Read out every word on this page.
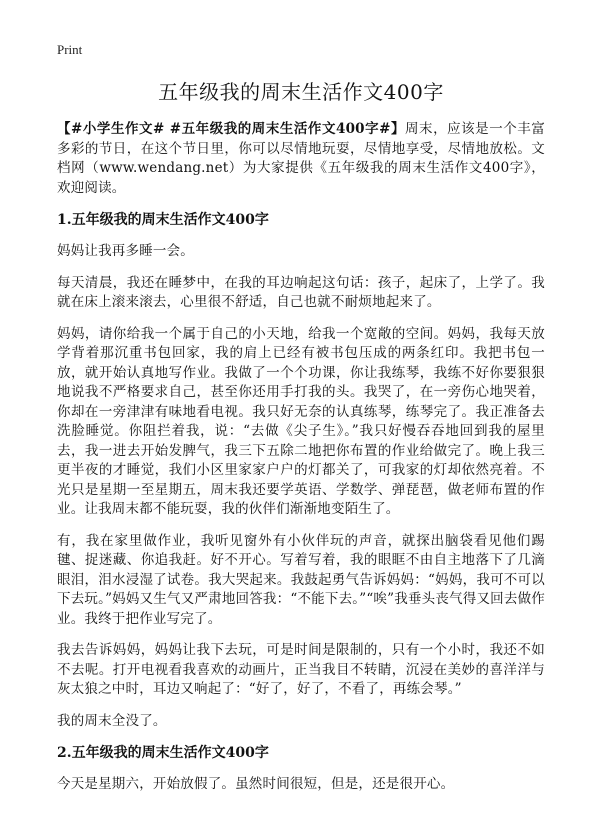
Print
五年级我的周末生活作文400字

【#小学生作文# #五年级我的周末生活作文400字#】周末，应该是一个丰富多彩的节日，在这个节日里，你可以尽情地玩耍，尽情地享受，尽情地放松。文档网（www.wendang.net）为大家提供《五年级我的周末生活作文400字》，欢迎阅读。

1.五年级我的周末生活作文400字

妈妈让我再多睡一会。

每天清晨，我还在睡梦中，在我的耳边响起这句话：孩子，起床了，上学了。我就在床上滚来滚去，心里很不舒适，自己也就不耐烦地起来了。

妈妈，请你给我一个属于自己的小天地，给我一个宽敞的空间。妈妈，我每天放学背着那沉重书包回家，我的肩上已经有被书包压成的两条红印。我把书包一放，就开始认真地写作业。我做了一个个功课，你让我练琴，我练不好你要狠狠地说我不严格要求自己，甚至你还用手打我的头。我哭了，在一旁伤心地哭着，你却在一旁津津有味地看电视。我只好无奈的认真练琴，练琴完了。我正准备去洗脸睡觉。你阻拦着我，说：“去做《尖子生》。”我只好慢吞吞地回到我的屋里去，我一进去开始发脾气，我三下五除二地把你布置的作业给做完了。晚上我三更半夜的才睡觉，我们小区里家家户户的灯都关了，可我家的灯却依然亮着。不光只是星期一至星期五，周末我还要学英语、学数学、弹琵琶，做老师布置的作业。让我周末都不能玩耍，我的伙伴们渐渐地变陌生了。

有，我在家里做作业，我听见窗外有小伙伴玩的声音，就探出脑袋看见他们踢毽、捉迷藏、你追我赶。好不开心。写着写着，我的眼眶不由自主地落下了几滴眼泪，泪水浸湿了试卷。我大哭起来。我鼓起勇气告诉妈妈：“妈妈，我可不可以下去玩。”妈妈又生气又严肃地回答我：“不能下去。”“唉”我垂头丧气得又回去做作业。我终于把作业写完了。

我去告诉妈妈，妈妈让我下去玩，可是时间是限制的，只有一个小时，我还不如不去呢。打开电视看我喜欢的动画片，正当我目不转睛，沉浸在美妙的喜洋洋与灰太狼之中时，耳边又响起了：“好了，好了，不看了，再练会琴。”

我的周末全没了。

2.五年级我的周末生活作文400字

今天是星期六，开始放假了。虽然时间很短，但是，还是很开心。
